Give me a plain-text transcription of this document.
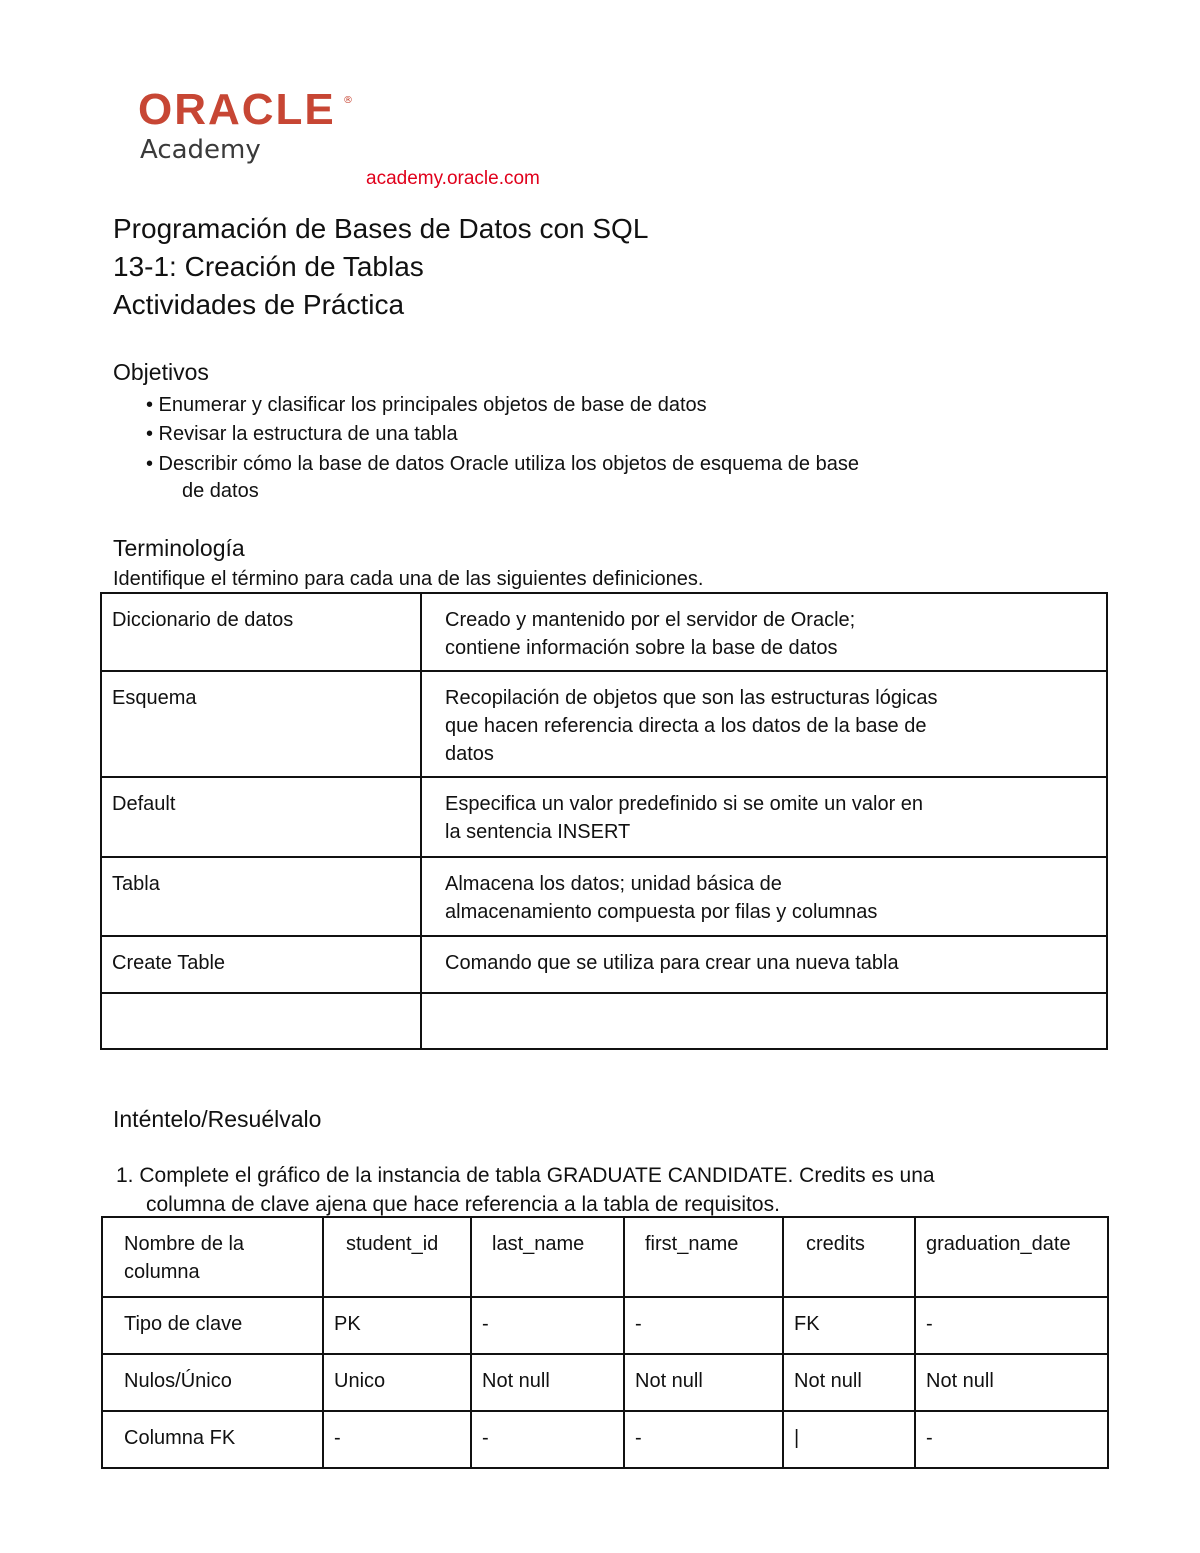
ORACLE ®
Academy
academy.oracle.com
Programación de Bases de Datos con SQL
13-1: Creación de Tablas
Actividades de Práctica
Objetivos
• Enumerar y clasificar los principales objetos de base de datos
• Revisar la estructura de una tabla
• Describir cómo la base de datos Oracle utiliza los objetos de esquema de base
de datos
Terminología
Identifique el término para cada una de las siguientes definiciones.
Diccionario de datos	Creado y mantenido por el servidor de Oracle;
contiene información sobre la base de datos

Esquema	Recopilación de objetos que son las estructuras lógicas
que hacen referencia directa a los datos de la base de
datos

Default	Especifica un valor predefinido si se omite un valor en
la sentencia INSERT

Tabla	Almacena los datos; unidad básica de
almacenamiento compuesta por filas y columnas

Create Table	Comando que se utiliza para crear una nueva tabla

Inténtelo/Resuélvalo
1. Complete el gráfico de la instancia de tabla GRADUATE CANDIDATE. Credits es una
columna de clave ajena que hace referencia a la tabla de requisitos.
Nombre de la
columna	student_id	last_name	first_name	credits	graduation_date
Tipo de clave	PK	-	-	FK	-
Nulos/Único	Unico	Not null	Not null	Not null	Not null
Columna FK	-	-	-	|	-
